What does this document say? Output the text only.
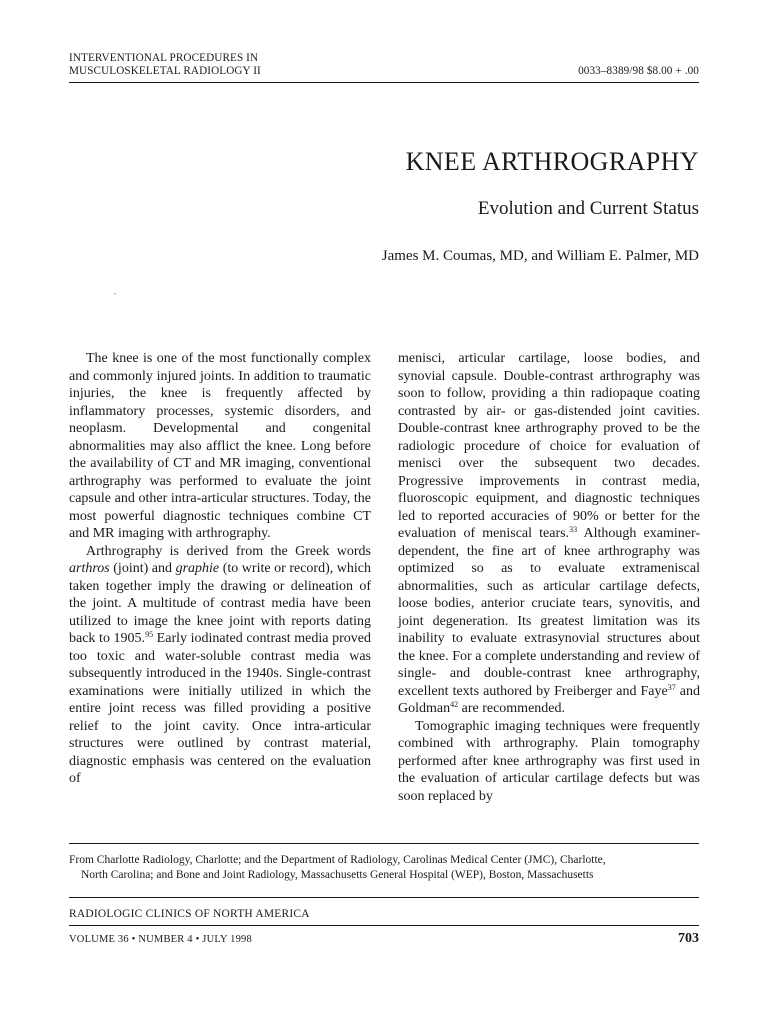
INTERVENTIONAL PROCEDURES IN
MUSCULOSKELETAL RADIOLOGY II	0033–8389/98 $8.00 + .00
KNEE ARTHROGRAPHY
Evolution and Current Status
James M. Coumas, MD, and William E. Palmer, MD
•

The knee is one of the most functionally complex and commonly injured joints. In addition to traumatic injuries, the knee is frequently affected by inflammatory processes, systemic disorders, and neoplasm. Developmental and congenital abnormalities may also afflict the knee. Long before the availability of CT and MR imaging, conventional arthrography was performed to evaluate the joint capsule and other intra-articular structures. Today, the most powerful diagnostic techniques combine CT and MR imaging with arthrography.

Arthrography is derived from the Greek words arthros (joint) and graphie (to write or record), which taken together imply the drawing or delineation of the joint. A multitude of contrast media have been utilized to image the knee joint with reports dating back to 1905.95 Early iodinated contrast media proved too toxic and water-soluble contrast media was subsequently introduced in the 1940s. Single-contrast examinations were initially utilized in which the entire joint recess was filled providing a positive relief to the joint cavity. Once intra-articular structures were outlined by contrast material, diagnostic emphasis was centered on the evaluation of

menisci, articular cartilage, loose bodies, and synovial capsule. Double-contrast arthrography was soon to follow, providing a thin radiopaque coating contrasted by air- or gas-distended joint cavities. Double-contrast knee arthrography proved to be the radiologic procedure of choice for evaluation of menisci over the subsequent two decades. Progressive improvements in contrast media, fluoroscopic equipment, and diagnostic techniques led to reported accuracies of 90% or better for the evaluation of meniscal tears.$^{33}$ Although examiner-dependent, the fine art of knee arthrography was optimized so as to evaluate extrameniscal abnormalities, such as articular cartilage defects, loose bodies, anterior cruciate tears, synovitis, and joint degeneration. Its greatest limitation was its inability to evaluate extrasynovial structures about the knee. For a complete understanding and review of single- and double-contrast knee arthrography, excellent texts authored by Freiberger and Faye$^{37}$ and Goldman$^{42}$ are recommended.

Tomographic imaging techniques were frequently combined with arthrography. Plain tomography performed after knee arthrography was first used in the evaluation of articular cartilage defects but was soon replaced by

From Charlotte Radiology, Charlotte; and the Department of Radiology, Carolinas Medical Center (JMC), Charlotte,
North Carolina; and Bone and Joint Radiology, Massachusetts General Hospital (WEP), Boston, Massachusetts
RADIOLOGIC CLINICS OF NORTH AMERICA
VOLUME 36 • NUMBER 4 • JULY 1998	703
